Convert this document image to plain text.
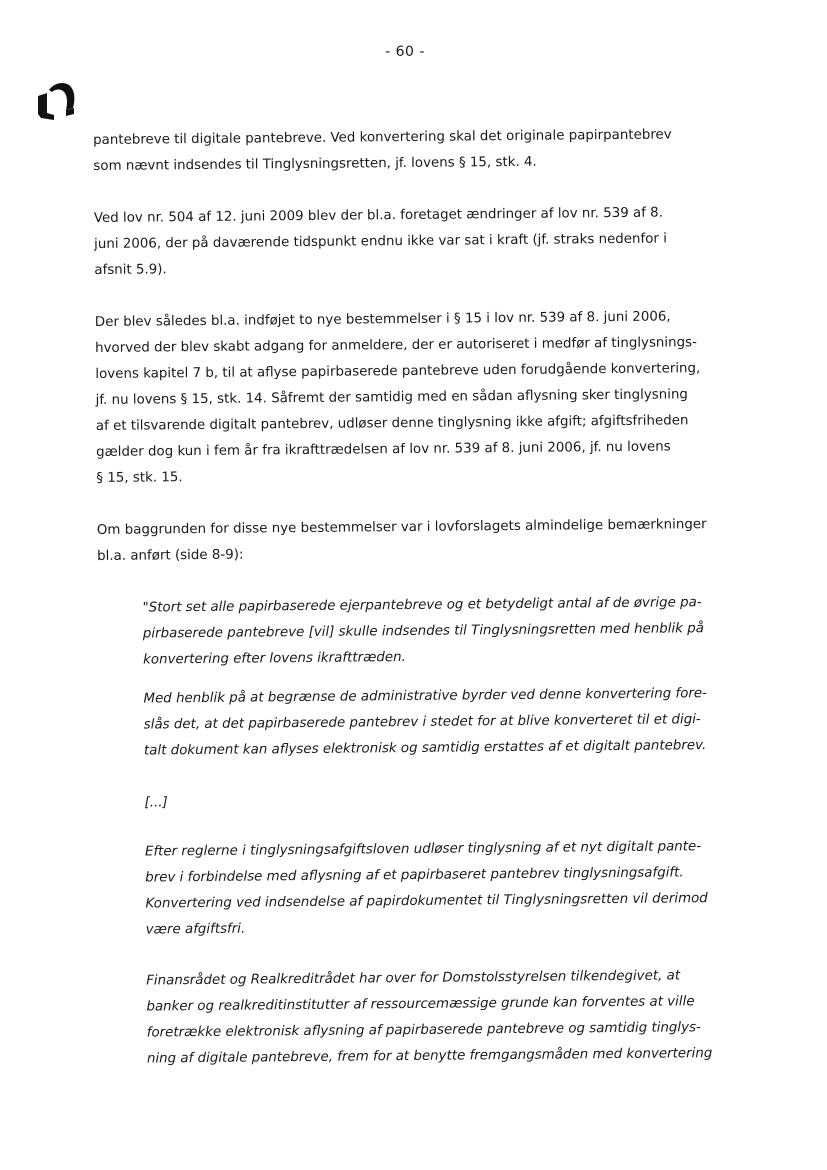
- 60 -

pantebreve til digitale pantebreve. Ved konvertering skal det originale papirpantebrev
som nævnt indsendes til Tinglysningsretten, jf. lovens § 15, stk. 4.

Ved lov nr. 504 af 12. juni 2009 blev der bl.a. foretaget ændringer af lov nr. 539 af 8.
juni 2006, der på daværende tidspunkt endnu ikke var sat i kraft (jf. straks nedenfor i
afsnit 5.9).

Der blev således bl.a. indføjet to nye bestemmelser i § 15 i lov nr. 539 af 8. juni 2006,
hvorved der blev skabt adgang for anmeldere, der er autoriseret i medfør af tinglysnings-
lovens kapitel 7 b, til at aflyse papirbaserede pantebreve uden forudgående konvertering,
jf. nu lovens § 15, stk. 14. Såfremt der samtidig med en sådan aflysning sker tinglysning
af et tilsvarende digitalt pantebrev, udløser denne tinglysning ikke afgift; afgiftsfriheden
gælder dog kun i fem år fra ikrafttrædelsen af lov nr. 539 af 8. juni 2006, jf. nu lovens
§ 15, stk. 15.

Om baggrunden for disse nye bestemmelser var i lovforslagets almindelige bemærkninger
bl.a. anført (side 8-9):

"Stort set alle papirbaserede ejerpantebreve og et betydeligt antal af de øvrige pa-
pirbaserede pantebreve [vil] skulle indsendes til Tinglysningsretten med henblik på
konvertering efter lovens ikrafttræden.

Med henblik på at begrænse de administrative byrder ved denne konvertering fore-
slås det, at det papirbaserede pantebrev i stedet for at blive konverteret til et digi-
talt dokument kan aflyses elektronisk og samtidig erstattes af et digitalt pantebrev.

[...]

Efter reglerne i tinglysningsafgiftsloven udløser tinglysning af et nyt digitalt pante-
brev i forbindelse med aflysning af et papirbaseret pantebrev tinglysningsafgift.
Konvertering ved indsendelse af papirdokumentet til Tinglysningsretten vil derimod
være afgiftsfri.

Finansrådet og Realkreditrådet har over for Domstolsstyrelsen tilkendegivet, at
banker og realkreditinstitutter af ressourcemæssige grunde kan forventes at ville
foretrække elektronisk aflysning af papirbaserede pantebreve og samtidig tinglys-
ning af digitale pantebreve, frem for at benytte fremgangsmåden med konvertering
